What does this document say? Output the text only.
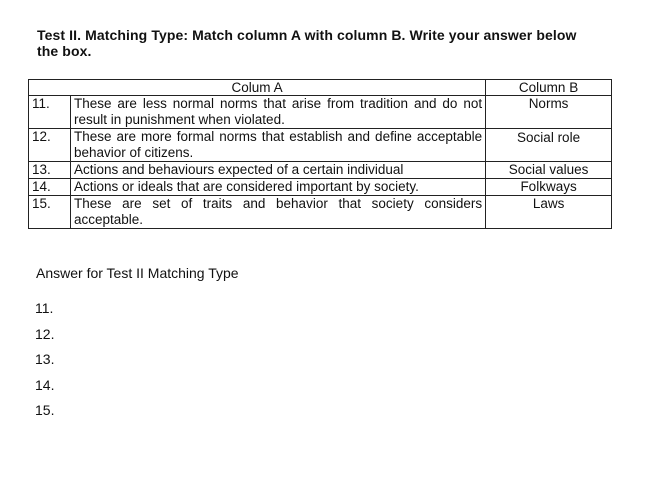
Test II. Matching Type: Match column A with column B. Write your answer below the box.
Colum A		Column B
11.	These are less normal norms that arise from tradition and do not result in punishment when violated.	Norms
12.	These are more formal norms that establish and define acceptable behavior of citizens.	Social role
13.	Actions and behaviours expected of a certain individual	Social values
14.	Actions or ideals that are considered important by society.	Folkways
15.	These are set of traits and behavior that society considers acceptable.	Laws
Answer for Test II Matching Type
11.
12.
13.
14.
15.
